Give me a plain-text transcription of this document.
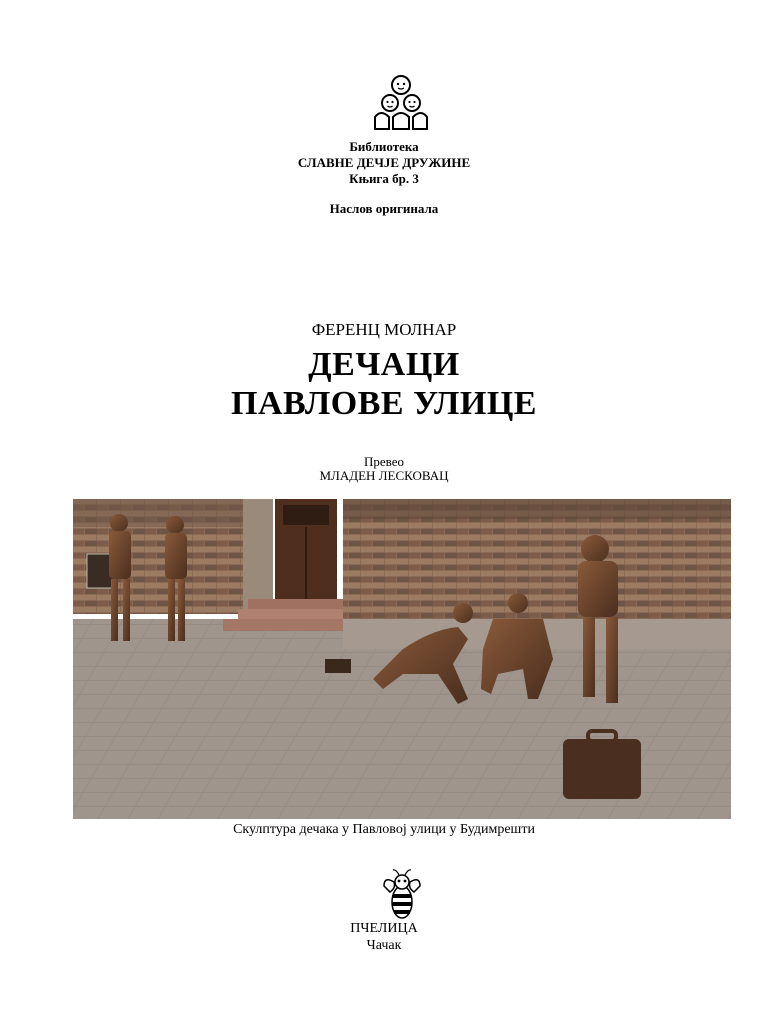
Библиотека
СЛАВНЕ ДЕЧЈЕ ДРУЖИНЕ
Књига бр. 3
Наслов оригинала
ФЕРЕНЦ МОЛНАР
ДЕЧАЦИ
ПАВЛОВЕ УЛИЦЕ
Превео
МЛАДЕН ЛЕСКОВАЦ
Скулптура дечака у Павловој улици у Будимрешти
ПЧЕЛИЦА
Чачак
